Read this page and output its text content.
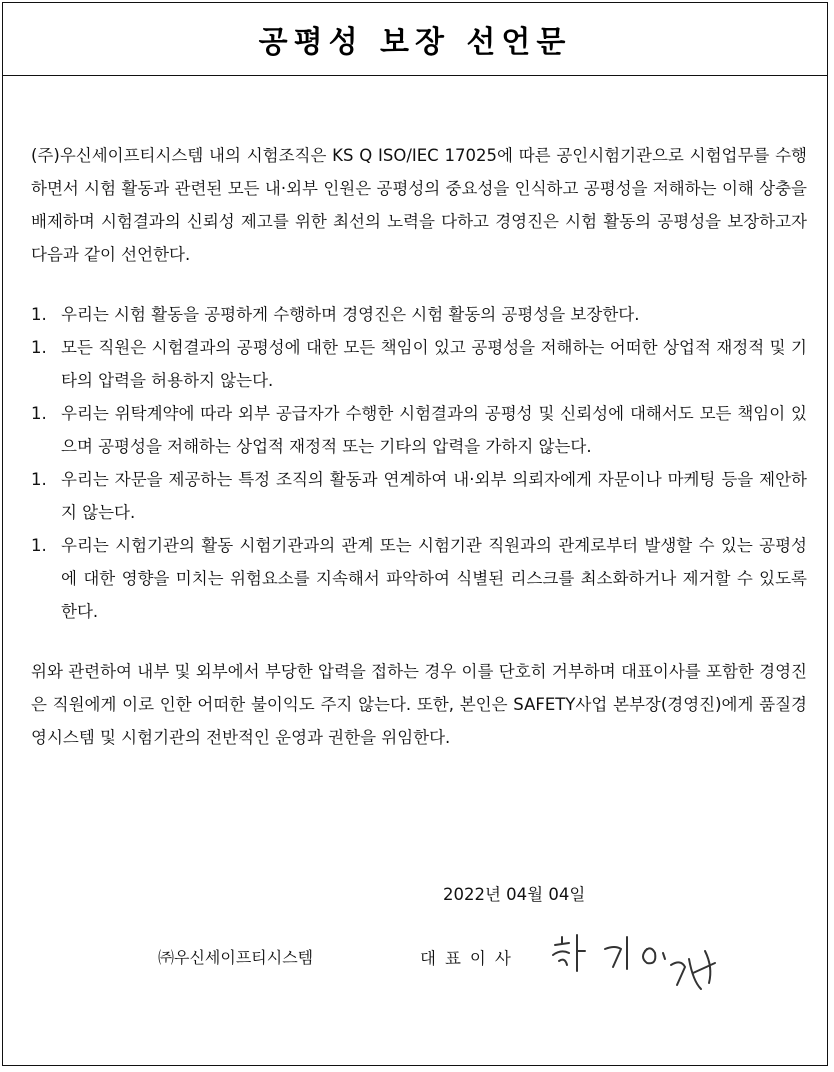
공평성 보장 선언문

(주)우신세이프티시스템 내의 시험조직은 KS Q ISO/IEC 17025에 따른 공인시험기관으로 시험업무를 수행하면서 시험 활동과 관련된 모든 내·외부 인원은 공평성의 중요성을 인식하고 공평성을 저해하는 이해 상충을 배제하며 시험결과의 신뢰성 제고를 위한 최선의 노력을 다하고 경영진은 시험 활동의 공평성을 보장하고자 다음과 같이 선언한다.

1. 우리는 시험 활동을 공평하게 수행하며 경영진은 시험 활동의 공평성을 보장한다.
1. 모든 직원은 시험결과의 공평성에 대한 모든 책임이 있고 공평성을 저해하는 어떠한 상업적 재정적 및 기타의 압력을 허용하지 않는다.
1. 우리는 위탁계약에 따라 외부 공급자가 수행한 시험결과의 공평성 및 신뢰성에 대해서도 모든 책임이 있으며 공평성을 저해하는 상업적 재정적 또는 기타의 압력을 가하지 않는다.
1. 우리는 자문을 제공하는 특정 조직의 활동과 연계하여 내·외부 의뢰자에게 자문이나 마케팅 등을 제안하지 않는다.
1. 우리는 시험기관의 활동 시험기관과의 관계 또는 시험기관 직원과의 관계로부터 발생할 수 있는 공평성에 대한 영향을 미치는 위험요소를 지속해서 파악하여 식별된 리스크를 최소화하거나 제거할 수 있도록 한다.

위와 관련하여 내부 및 외부에서 부당한 압력을 접하는 경우 이를 단호히 거부하며 대표이사를 포함한 경영진은 직원에게 이로 인한 어떠한 불이익도 주지 않는다. 또한, 본인은 SAFETY사업 본부장(경영진)에게 품질경영시스템 및 시험기관의 전반적인 운영과 권한을 위임한다.

2022년 04월 04일
㈜우신세이프티시스템	대표이사
